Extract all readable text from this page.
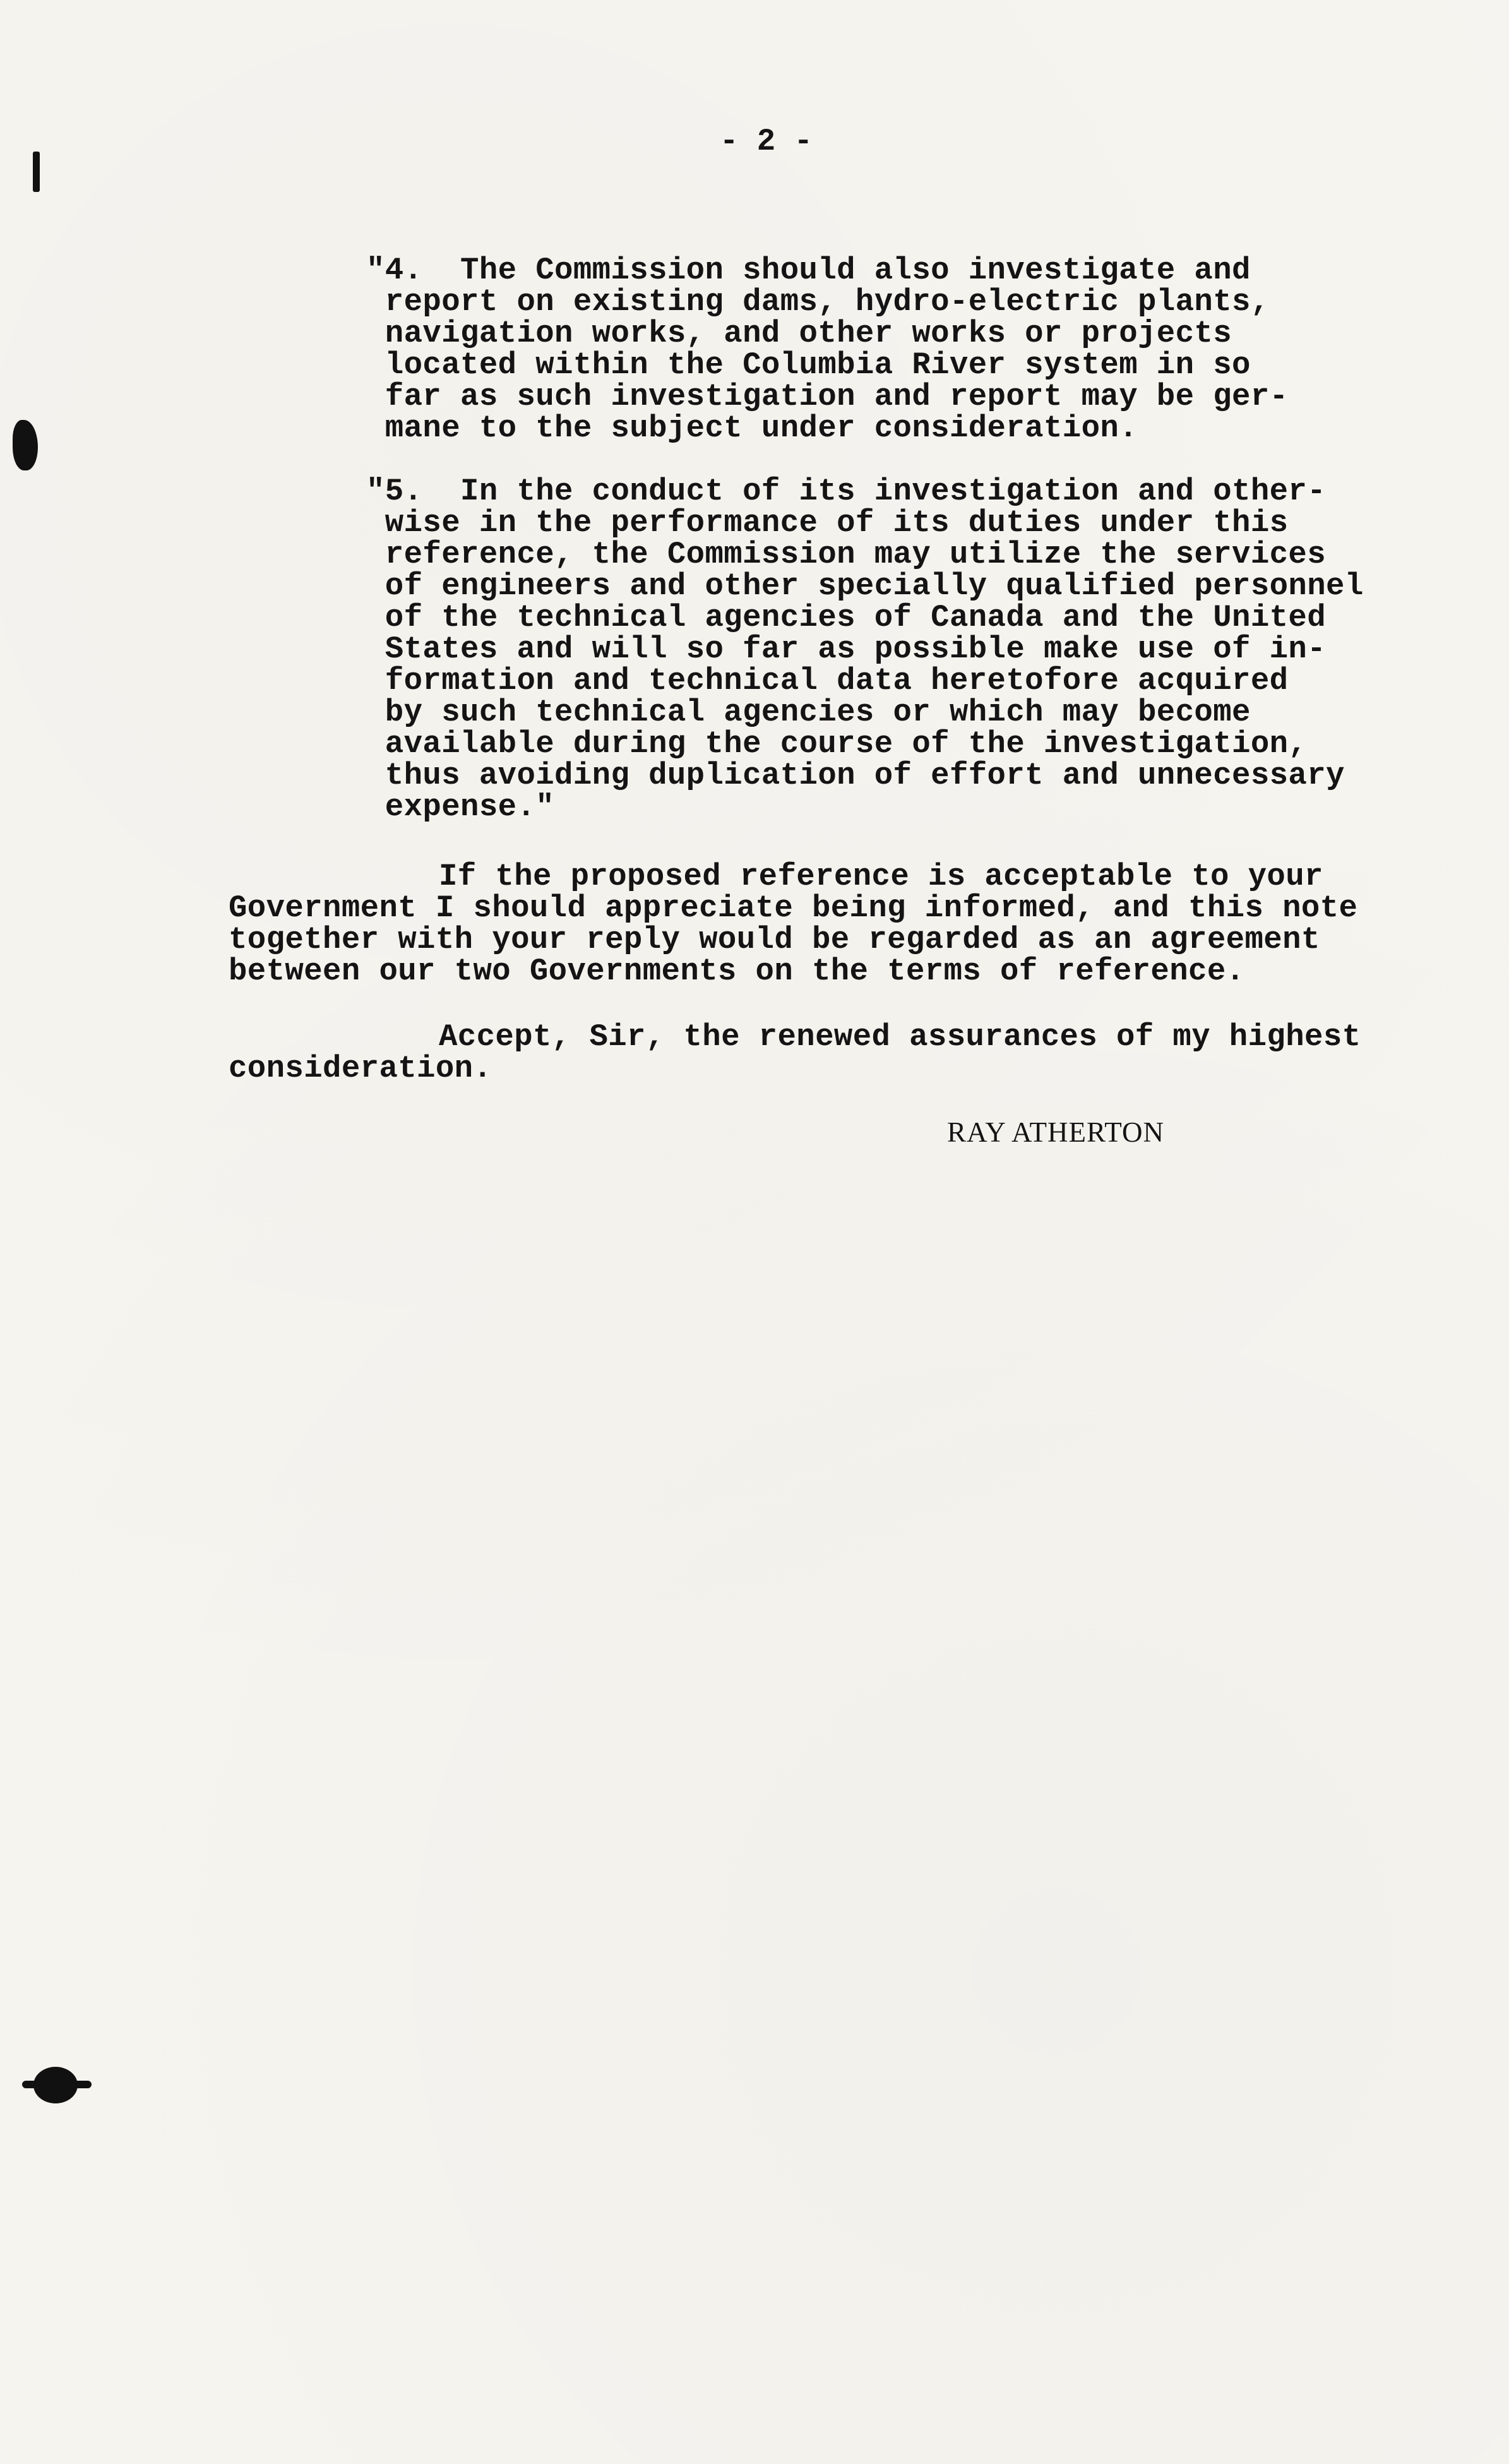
- 2 -
"4.  The Commission should also investigate and
report on existing dams, hydro-electric plants,
navigation works, and other works or projects
located within the Columbia River system in so
far as such investigation and report may be ger-
mane to the subject under consideration.
"5.  In the conduct of its investigation and other-
wise in the performance of its duties under this
reference, the Commission may utilize the services
of engineers and other specially qualified personnel
of the technical agencies of Canada and the United
States and will so far as possible make use of in-
formation and technical data heretofore acquired
by such technical agencies or which may become
available during the course of the investigation,
thus avoiding duplication of effort and unnecessary
expense."
If the proposed reference is acceptable to your
Government I should appreciate being informed, and this note
together with your reply would be regarded as an agreement
between our two Governments on the terms of reference.
Accept, Sir, the renewed assurances of my highest
consideration.
RAY ATHERTON
